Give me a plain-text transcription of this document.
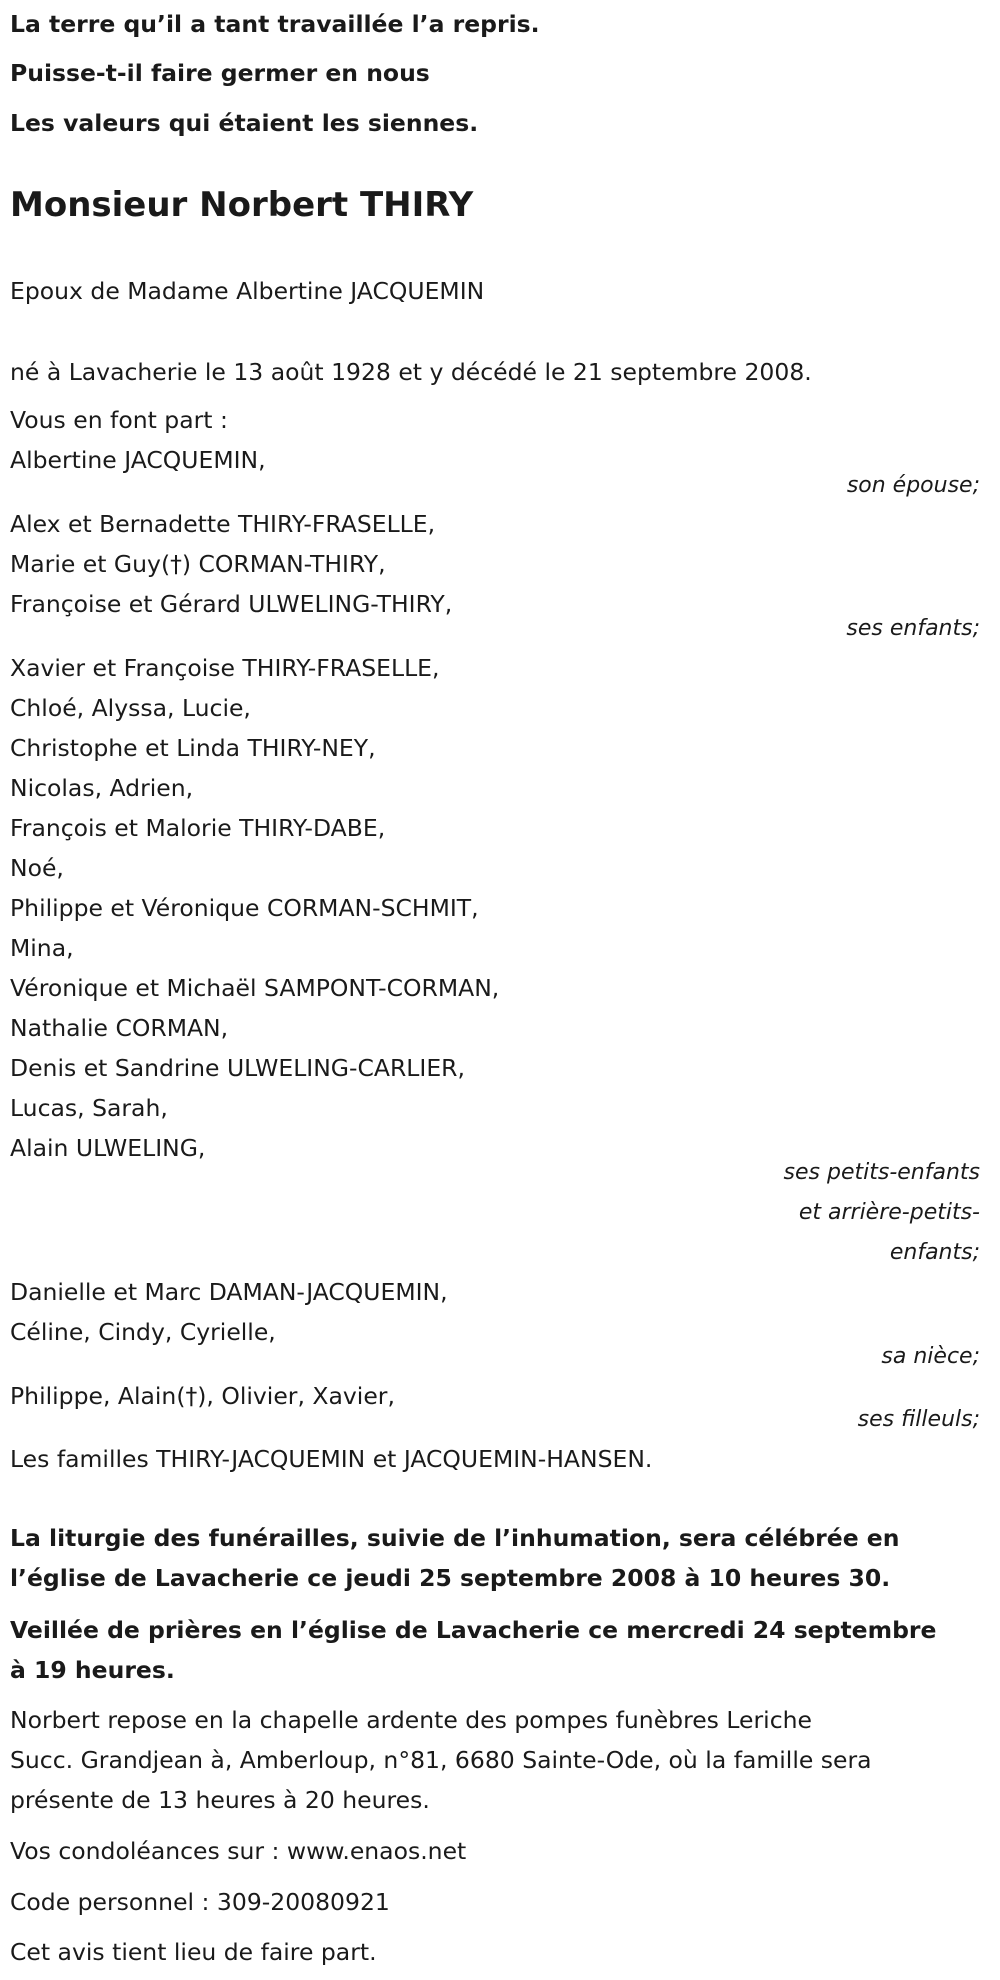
La terre qu’il a tant travaillée l’a repris.
Puisse-t-il faire germer en nous
Les valeurs qui étaient les siennes.
Monsieur Norbert THIRY
Epoux de Madame Albertine JACQUEMIN
né à Lavacherie le 13 août 1928 et y décédé le 21 septembre 2008.
Vous en font part :
Albertine JACQUEMIN,
son épouse;
Alex et Bernadette THIRY-FRASELLE,
Marie et Guy(†) CORMAN-THIRY,
Françoise et Gérard ULWELING-THIRY,
ses enfants;
Xavier et Françoise THIRY-FRASELLE,
Chloé, Alyssa, Lucie,
Christophe et Linda THIRY-NEY,
Nicolas, Adrien,
François et Malorie THIRY-DABE,
Noé,
Philippe et Véronique CORMAN-SCHMIT,
Mina,
Véronique et Michaël SAMPONT-CORMAN,
Nathalie CORMAN,
Denis et Sandrine ULWELING-CARLIER,
Lucas, Sarah,
Alain ULWELING,
ses petits-enfants
et arrière-petits-
enfants;
Danielle et Marc DAMAN-JACQUEMIN,
Céline, Cindy, Cyrielle,
sa nièce;
Philippe, Alain(†), Olivier, Xavier,
ses filleuls;
Les familles THIRY-JACQUEMIN et JACQUEMIN-HANSEN.
La liturgie des funérailles, suivie de l’inhumation, sera célébrée en
l’église de Lavacherie ce jeudi 25 septembre 2008 à 10 heures 30.
Veillée de prières en l’église de Lavacherie ce mercredi 24 septembre
à 19 heures.
Norbert repose en la chapelle ardente des pompes funèbres Leriche
Succ. Grandjean à, Amberloup, n°81, 6680 Sainte-Ode, où la famille sera
présente de 13 heures à 20 heures.
Vos condoléances sur : www.enaos.net
Code personnel : 309-20080921
Cet avis tient lieu de faire part.
